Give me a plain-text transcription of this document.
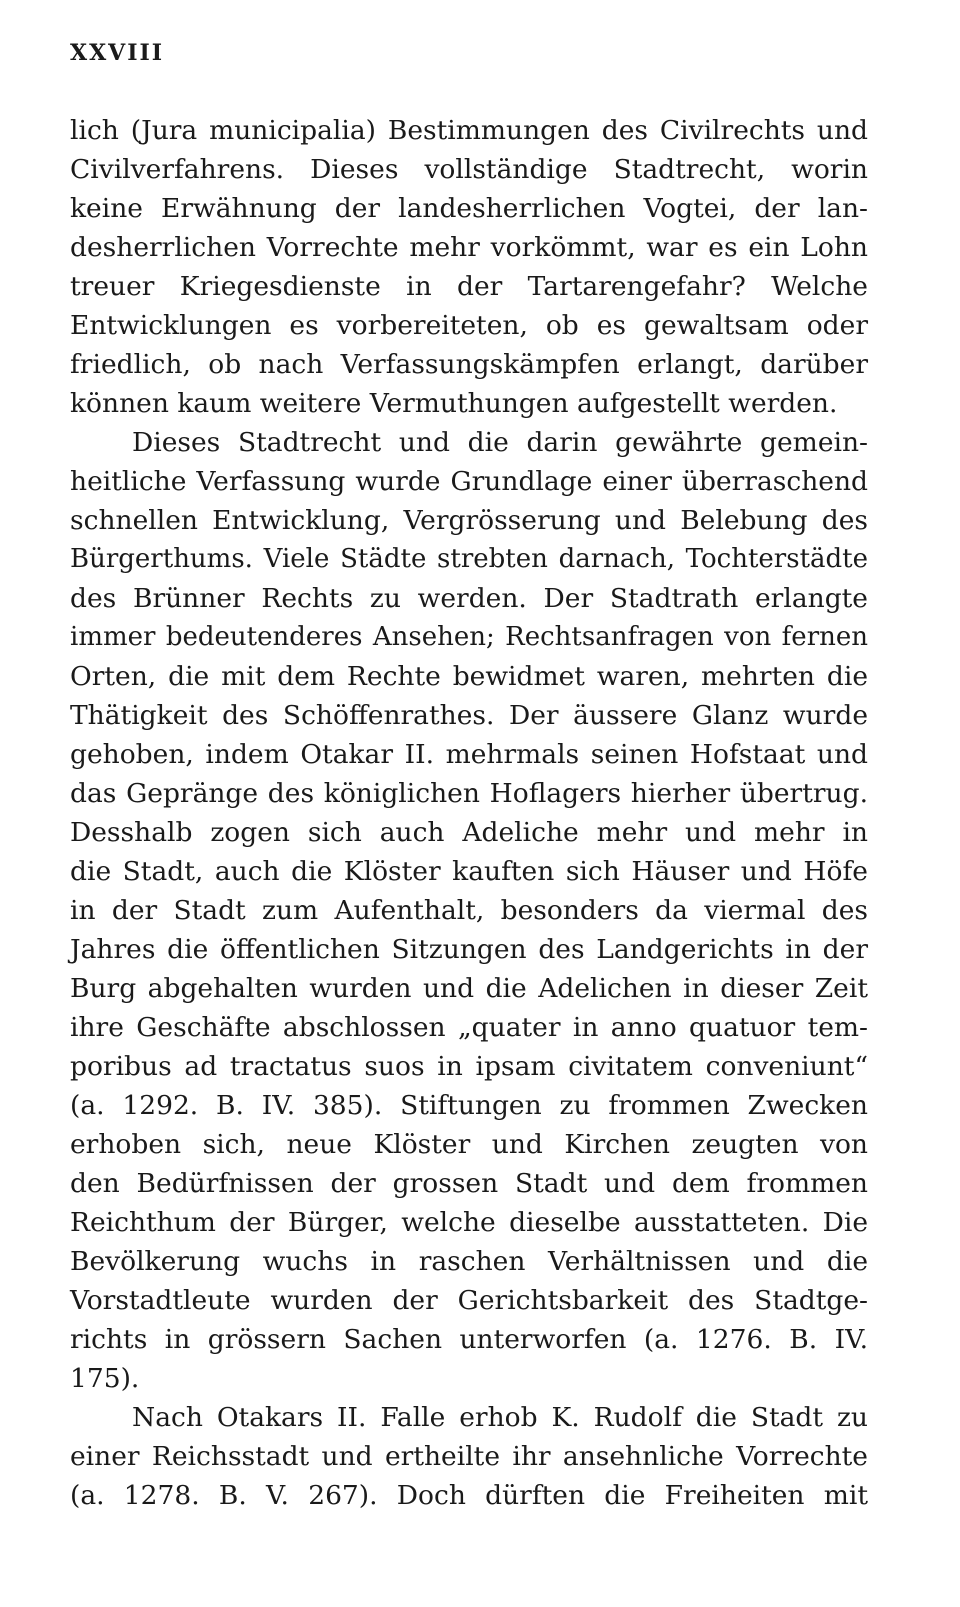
XXVIII
lich (Jura municipalia) Bestimmungen des Civilrechts und
Civilverfahrens. Dieses vollständige Stadtrecht, worin
keine Erwähnung der landesherrlichen Vogtei, der lan-
desherrlichen Vorrechte mehr vorkömmt, war es ein Lohn
treuer Kriegesdienste in der Tartarengefahr? Welche
Entwicklungen es vorbereiteten, ob es gewaltsam oder
friedlich, ob nach Verfassungskämpfen erlangt, darüber
können kaum weitere Vermuthungen aufgestellt werden.
Dieses Stadtrecht und die darin gewährte gemein-
heitliche Verfassung wurde Grundlage einer überraschend
schnellen Entwicklung, Vergrösserung und Belebung des
Bürgerthums. Viele Städte strebten darnach, Tochterstädte
des Brünner Rechts zu werden. Der Stadtrath erlangte
immer bedeutenderes Ansehen; Rechtsanfragen von fernen
Orten, die mit dem Rechte bewidmet waren, mehrten die
Thätigkeit des Schöffenrathes. Der äussere Glanz wurde
gehoben, indem Otakar II. mehrmals seinen Hofstaat und
das Gepränge des königlichen Hoflagers hierher übertrug.
Desshalb zogen sich auch Adeliche mehr und mehr in
die Stadt, auch die Klöster kauften sich Häuser und Höfe
in der Stadt zum Aufenthalt, besonders da viermal des
Jahres die öffentlichen Sitzungen des Landgerichts in der
Burg abgehalten wurden und die Adelichen in dieser Zeit
ihre Geschäfte abschlossen „quater in anno quatuor tem-
poribus ad tractatus suos in ipsam civitatem conveniunt“
(a. 1292. B. IV. 385). Stiftungen zu frommen Zwecken
erhoben sich, neue Klöster und Kirchen zeugten von
den Bedürfnissen der grossen Stadt und dem frommen
Reichthum der Bürger, welche dieselbe ausstatteten. Die
Bevölkerung wuchs in raschen Verhältnissen und die
Vorstadtleute wurden der Gerichtsbarkeit des Stadtge-
richts in grössern Sachen unterworfen (a. 1276. B. IV.
175).
Nach Otakars II. Falle erhob K. Rudolf die Stadt zu
einer Reichsstadt und ertheilte ihr ansehnliche Vorrechte
(a. 1278. B. V. 267). Doch dürften die Freiheiten mit
